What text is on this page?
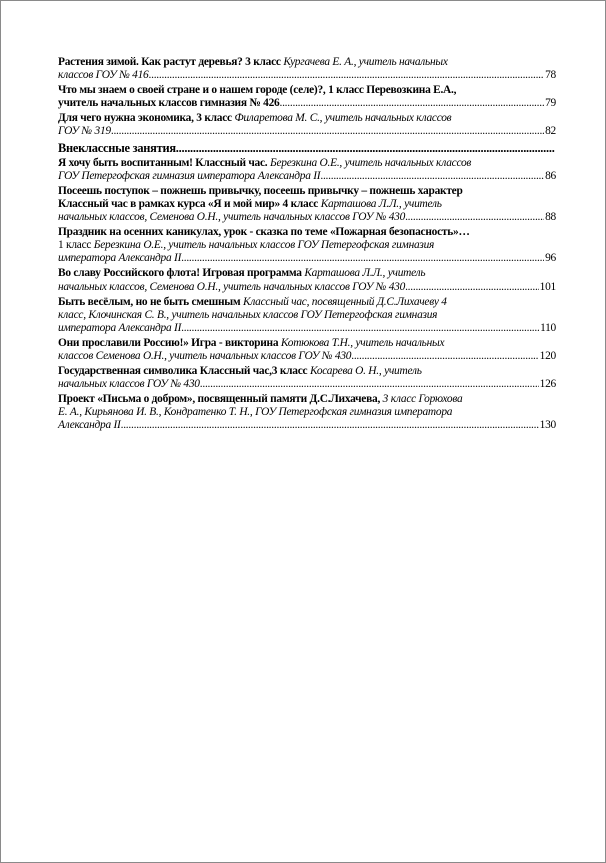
Растения зимой. Как растут деревья? 3 класс Кургачева Е. А., учитель начальных
классов ГОУ № 416 .....	78
Что мы знаем о своей стране и о нашем городе (селе)?, 1 класс Перевозкина Е.А.,
учитель начальных классов гимназия № 426 .....	79
Для чего нужна экономика, 3 класс Филаретова М. С., учитель начальных классов
ГОУ № 319 .....	82
Внеклассные занятия
.....
Я хочу быть воспитанным! Классный час. Березкина О.Е., учитель начальных классов
ГОУ Петергофская гимназия императора Александра II .....	86
Посеешь поступок – пожнешь привычку, посеешь привычку – пожнешь характер
Классный час в рамках курса «Я и мой мир» 4 класс Карташова Л.Л., учитель
начальных классов, Семенова О.Н., учитель начальных классов ГОУ № 430 .....	88
Праздник на осенних каникулах, урок - сказка по теме «Пожарная безопасность»…
1 класс Березкина О.Е., учитель начальных классов ГОУ Петергофская гимназия
императора Александра II .....	96
Во славу Российского флота! Игровая программа Карташова Л.Л., учитель
начальных классов, Семенова О.Н., учитель начальных классов ГОУ № 430 .....	101
Быть весёлым, но не быть смешным Классный час, посвященный Д.С.Лихачеву 4
класс, Клочинская С. В., учитель начальных классов ГОУ Петергофская гимназия
императора Александра II .....	110
Они прославили Россию!» Игра - викторина Котюкова Т.Н., учитель начальных
классов Семенова О.Н., учитель начальных классов ГОУ № 430 .....	120
Государственная символика Классный час,3 класс Косарева О. Н., учитель
начальных классов ГОУ № 430 .....	126
Проект «Письма о добром», посвященный памяти Д.С.Лихачева, 3 класс Горюхова
Е. А., Кирьянова И. В., Кондратенко Т. Н., ГОУ Петергофская гимназия императора
Александра II .....	130
